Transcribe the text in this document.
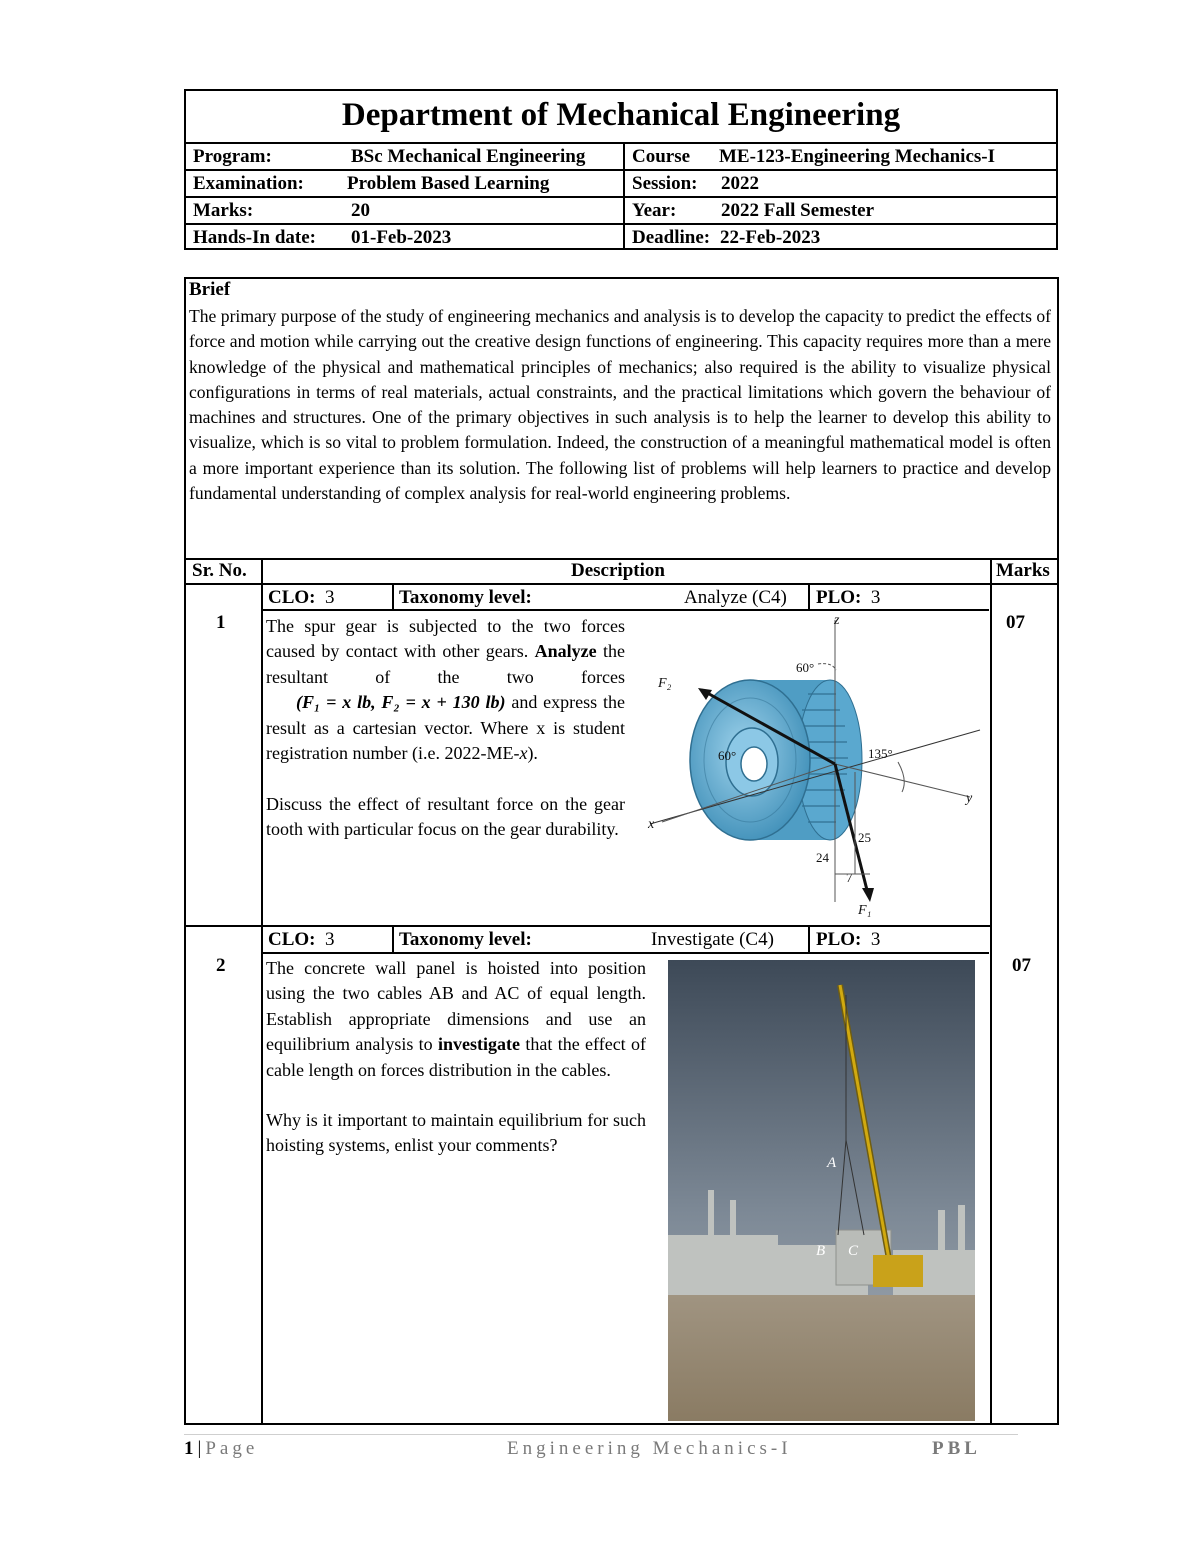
Department of Mechanical Engineering
Program:	BSc Mechanical Engineering Course ME-123-Engineering Mechanics-I
Examination: Problem Based Learning	Session: 2022
Marks:	20	Year: 2022 Fall Semester
Hands-In date: 01-Feb-2023	Deadline: 22-Feb-2023
Brief
The primary purpose of the study of engineering mechanics and analysis is to develop the capacity to predict the effects of force and motion while carrying out the creative design functions of engineering. This capacity requires more than a mere knowledge of the physical and mathematical principles of mechanics; also required is the ability to visualize physical configurations in terms of real materials, actual constraints, and the practical limitations which govern the behaviour of machines and structures. One of the primary objectives in such analysis is to help the learner to develop this ability to visualize, which is so vital to problem formulation. Indeed, the construction of a meaningful mathematical model is often a more important experience than its solution. The following list of problems will help learners to practice and develop fundamental understanding of complex analysis for real-world engineering problems.
Sr. No.	Description	Marks
1	07
CLO: 3	Taxonomy level:	Analyze (C4) PLO: 3
The spur gear is subjected to the two forces caused by contact with other gears. Analyze the resultant of the two forces (F₁ = x lb, F₂ = x + 130 lb) and express the result as a cartesian vector. Where x is student registration number (i.e. 2022-ME-x).
Discuss the effect of resultant force on the gear tooth with particular focus on the gear durability.
F₂
F₁
z
y
x
60°
60°	135°
25
24
7
2	07
CLO: 3	Taxonomy level:	Investigate (C4) PLO: 3
The concrete wall panel is hoisted into position using the two cables AB and AC of equal length. Establish appropriate dimensions and use an equilibrium analysis to investigate that the effect of cable length on forces distribution in the cables.
Why is it important to maintain equilibrium for such hoisting systems, enlist your comments?
A
B C
1 | Page	Engineering Mechanics-I	PBL
